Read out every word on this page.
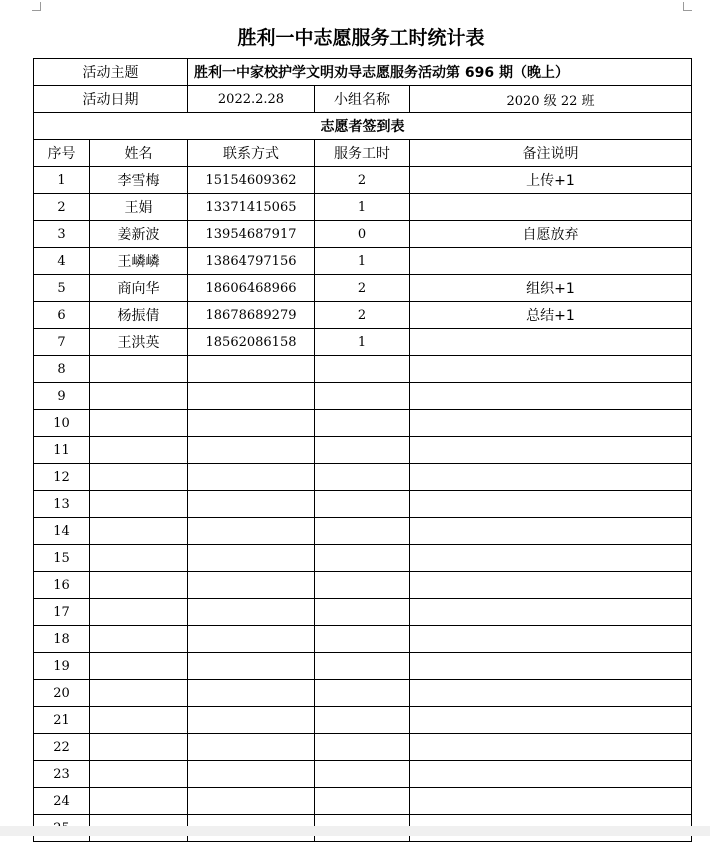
胜利一中志愿服务工时统计表
活动主题		胜利一中家校护学文明劝导志愿服务活动第 696 期（晚上）		
活动日期		2022.2.28	小组名称	2020 级 22 班
志愿者签到表				
序号	姓名	联系方式	服务工时	备注说明
1	李雪梅	15154609362	2	上传+1
2	王娟	13371415065	1	
3	姜新波	13954687917	0	自愿放弃
4	王嶙嶙	13864797156	1	
5	商向华	18606468966	2	组织+1
6	杨振倩	18678689279	2	总结+1
7	王洪英	18562086158	1	
8				
9				
10				
11				
12				
13				
14				
15				
16				
17				
18				
19				
20				
21				
22				
23				
24				
